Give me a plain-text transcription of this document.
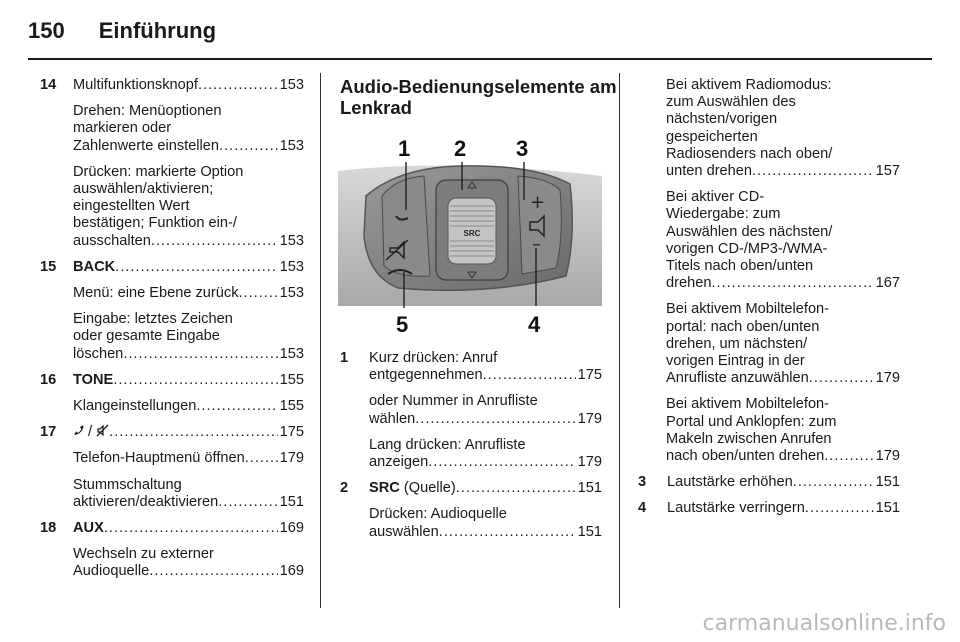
150 Einführung
14	Multifunktionsknopf .....	153
Drehen: Menüoptionen
markieren oder
Zahlenwerte einstellen .....	153
Drücken: markierte Option
auswählen/aktivieren;
eingestellten Wert
bestätigen; Funktion ein-/
ausschalten .....	153
15	BACK .....	153
Menü: eine Ebene zurück .....	153
Eingabe: letztes Zeichen
oder gesamte Eingabe
löschen .....	153
16	TONE .....	155
Klangeinstellungen .....	155
17	/ .....	175
Telefon-Hauptmenü öffnen ..... 179
Stummschaltung
aktivieren/deaktivieren .....	151
18	AUX .....	169
Wechseln zu externer
Audioquelle .....	169
Audio-Bedienungselemente am
Lenkrad
SRC
+
–
1 2 3
4
5
1	Kurz drücken: Anruf
entgegennehmen .....	175
oder Nummer in Anrufliste
wählen .....	179
Lang drücken: Anrufliste
anzeigen .....	179
2	SRC (Quelle) .....	151
Drücken: Audioquelle
auswählen .....	151
Bei aktivem Radiomodus:
zum Auswählen des
nächsten/vorigen
gespeicherten
Radiosenders nach oben/
unten drehen .....	157
Bei aktiver CD-
Wiedergabe: zum
Auswählen des nächsten/
vorigen CD-/MP3-/WMA-
Titels nach oben/unten
drehen .....	167
Bei aktivem Mobiltelefon-
portal: nach oben/unten
drehen, um nächsten/
vorigen Eintrag in der
Anrufliste anzuwählen .....	179
Bei aktivem Mobiltelefon-
Portal und Anklopfen: zum
Makeln zwischen Anrufen
nach oben/unten drehen .....	179
3	Lautstärke erhöhen .....	151
4	Lautstärke verringern .....	151
carmanualsonline.info
